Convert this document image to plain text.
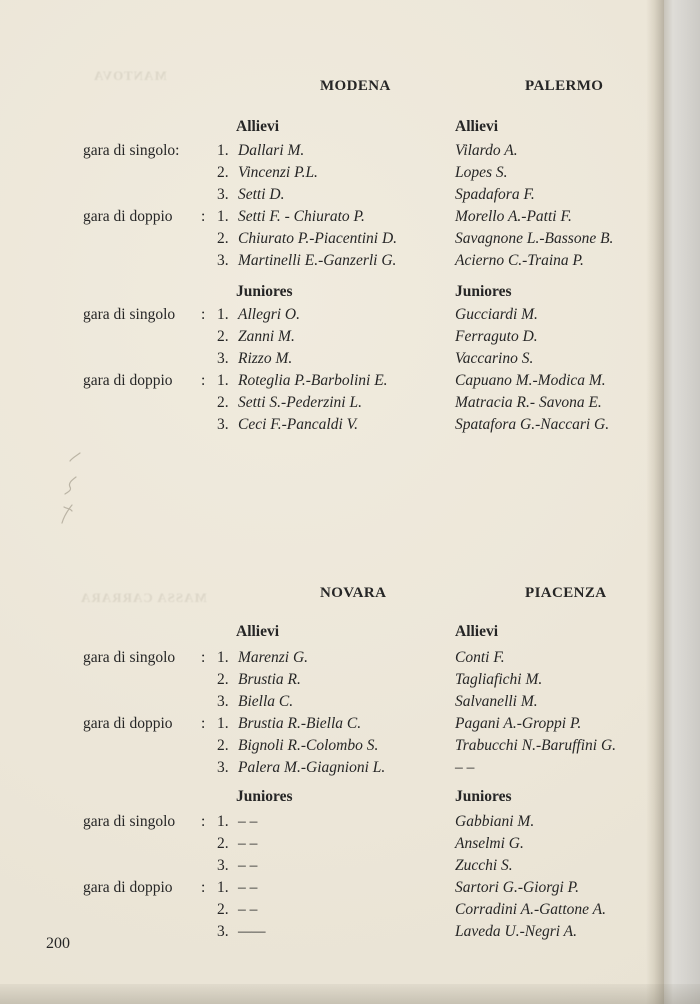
MANTOVA
MASSA CARRARA
MODENA	PALERMO
Allievi	Allievi
gara di singolo: 1. Dallari M.	Vilardo A.
2. Vincenzi P.L.	Lopes S.
3. Setti D.	Spadafora F.
gara di doppio : 1. Setti F. - Chiurato P.	Morello A.-Patti F.
2. Chiurato P.-Piacentini D.	Savagnone L.-Bassone B.
3. Martinelli E.-Ganzerli G.	Acierno C.-Traina P.
Juniores	Juniores
gara di singolo : 1. Allegri O.	Gucciardi M.
2. Zanni M.	Ferraguto D.
3. Rizzo M.	Vaccarino S.
gara di doppio : 1. Roteglia P.-Barbolini E.	Capuano M.-Modica M.
2. Setti S.-Pederzini L.	Matracia R.- Savona E.
3. Ceci F.-Pancaldi V.	Spatafora G.-Naccari G.
NOVARA	PIACENZA
Allievi	Allievi
gara di singolo : 1. Marenzi G.	Conti F.
2. Brustia R.	Tagliafichi M.
3. Biella C.	Salvanelli M.
gara di doppio : 1. Brustia R.-Biella C.	Pagani A.-Groppi P.
2. Bignoli R.-Colombo S.	Trabucchi N.-Baruffini G.
3. Palera M.-Giagnioni L.	– –
Juniores	Juniores
gara di singolo : 1. – –	Gabbiani M.
2. – –	Anselmi G.
3. – –	Zucchi S.
gara di doppio : 1. – –	Sartori G.-Giorgi P.
2. – –	Corradini A.-Gattone A.
3. ——	Laveda U.-Negri A.
200
